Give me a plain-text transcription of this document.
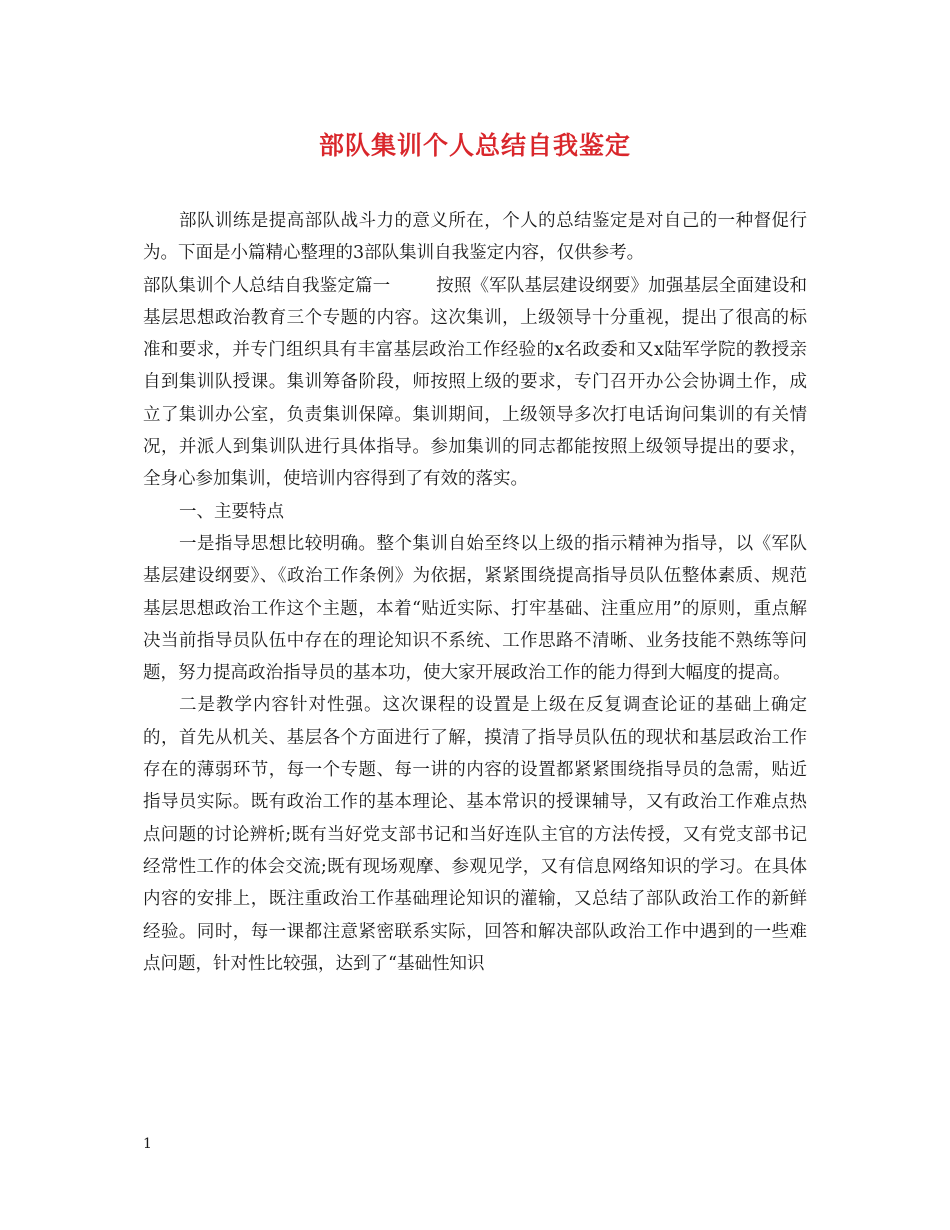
部队集训个人总结自我鉴定

部队训练是提高部队战斗力的意义所在，个人的总结鉴定是对自己的一种督促行为。下面是小篇精心整理的3部队集训自我鉴定内容，仅供参考。

部队集训个人总结自我鉴定篇一	按照《军队基层建设纲要》加强基层全面建设和基层思想政治教育三个专题的内容。这次集训，上级领导十分重视，提出了很高的标准和要求，并专门组织具有丰富基层政治工作经验的x名政委和又x陆军学院的教授亲自到集训队授课。集训筹备阶段，师按照上级的要求，专门召开办公会协调土作，成立了集训办公室，负责集训保障。集训期间，上级领导多次打电话询问集训的有关情况，并派人到集训队进行具体指导。参加集训的同志都能按照上级领导提出的要求，全身心参加集训，使培训内容得到了有效的落实。

一、主要特点

一是指导思想比较明确。整个集训自始至终以上级的指示精神为指导，以《军队基层建设纲要》、《政治工作条例》为依据，紧紧围绕提高指导员队伍整体素质、规范基层思想政治工作这个主题，本着“贴近实际、打牢基础、注重应用”的原则，重点解决当前指导员队伍中存在的理论知识不系统、工作思路不清晰、业务技能不熟练等问题，努力提高政治指导员的基本功，使大家开展政治工作的能力得到大幅度的提高。

二是教学内容针对性强。这次课程的设置是上级在反复调查论证的基础上确定的，首先从机关、基层各个方面进行了解，摸清了指导员队伍的现状和基层政治工作存在的薄弱环节，每一个专题、每一讲的内容的设置都紧紧围绕指导员的急需，贴近指导员实际。既有政治工作的基本理论、基本常识的授课辅导，又有政治工作难点热点问题的讨论辨析;既有当好党支部书记和当好连队主官的方法传授，又有党支部书记经常性工作的体会交流;既有现场观摩、参观见学，又有信息网络知识的学习。在具体内容的安排上，既注重政治工作基础理论知识的灌输，又总结了部队政治工作的新鲜经验。同时，每一课都注意紧密联系实际，回答和解决部队政治工作中遇到的一些难点问题，针对性比较强，达到了“基础性知识

1
